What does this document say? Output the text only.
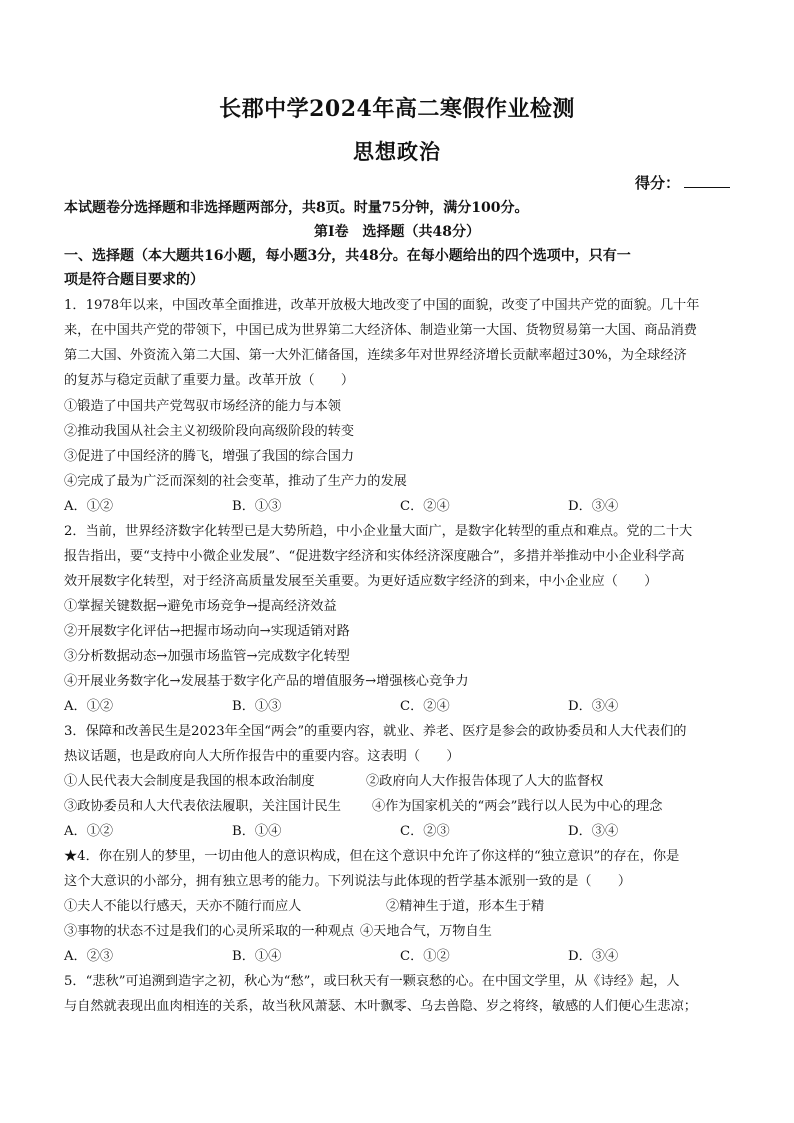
长郡中学2024年高二寒假作业检测
思想政治
得分：
本试题卷分选择题和非选择题两部分，共8页。时量75分钟，满分100分。
第Ⅰ卷　选择题（共48分）
一、选择题（本大题共16小题，每小题3分，共48分。在每小题给出的四个选项中，只有一
项是符合题目要求的）
1．1978年以来，中国改革全面推进，改革开放极大地改变了中国的面貌，改变了中国共产党的面貌。几十年
来，在中国共产党的带领下，中国已成为世界第二大经济体、制造业第一大国、货物贸易第一大国、商品消费
第二大国、外资流入第二大国、第一大外汇储备国，连续多年对世界经济增长贡献率超过30%，为全球经济
的复苏与稳定贡献了重要力量。改革开放（　　）
①锻造了中国共产党驾驭市场经济的能力与本领
②推动我国从社会主义初级阶段向高级阶段的转变
③促进了中国经济的腾飞，增强了我国的综合国力
④完成了最为广泛而深刻的社会变革，推动了生产力的发展
A．①②	B．①③	C．②④	D．③④
2．当前，世界经济数字化转型已是大势所趋，中小企业量大面广，是数字化转型的重点和难点。党的二十大
报告指出，要“支持中小微企业发展”、“促进数字经济和实体经济深度融合”，多措并举推动中小企业科学高
效开展数字化转型，对于经济高质量发展至关重要。为更好适应数字经济的到来，中小企业应（　　）
①掌握关键数据→避免市场竞争→提高经济效益
②开展数字化评估→把握市场动向→实现适销对路
③分析数据动态→加强市场监管→完成数字化转型
④开展业务数字化→发展基于数字化产品的增值服务→增强核心竞争力
A．①②	B．①③	C．②④	D．③④
3．保障和改善民生是2023年全国“两会”的重要内容，就业、养老、医疗是参会的政协委员和人大代表们的
热议话题，也是政府向人大所作报告中的重要内容。这表明（　　）
①人民代表大会制度是我国的根本政治制度	②政府向人大作报告体现了人大的监督权
③政协委员和人大代表依法履职，关注国计民生 ④作为国家机关的“两会”践行以人民为中心的理念
A．①②	B．①④	C．②③	D．③④
★4．你在别人的梦里，一切由他人的意识构成，但在这个意识中允许了你这样的“独立意识”的存在，你是
这个大意识的小部分，拥有独立思考的能力。下列说法与此体现的哲学基本派别一致的是（　　）
①夫人不能以行感天，天亦不随行而应人	②精神生于道，形本生于精
③事物的状态不过是我们的心灵所采取的一种观点 ④天地合气，万物自生
A．②③	B．①④	C．①②	D．③④
5．“悲秋”可追溯到造字之初，秋心为“愁”，或曰秋天有一颗哀愁的心。在中国文学里，从《诗经》起，人
与自然就表现出血肉相连的关系，故当秋风萧瑟、木叶飘零、乌去兽隐、岁之将终，敏感的人们便心生悲凉；
